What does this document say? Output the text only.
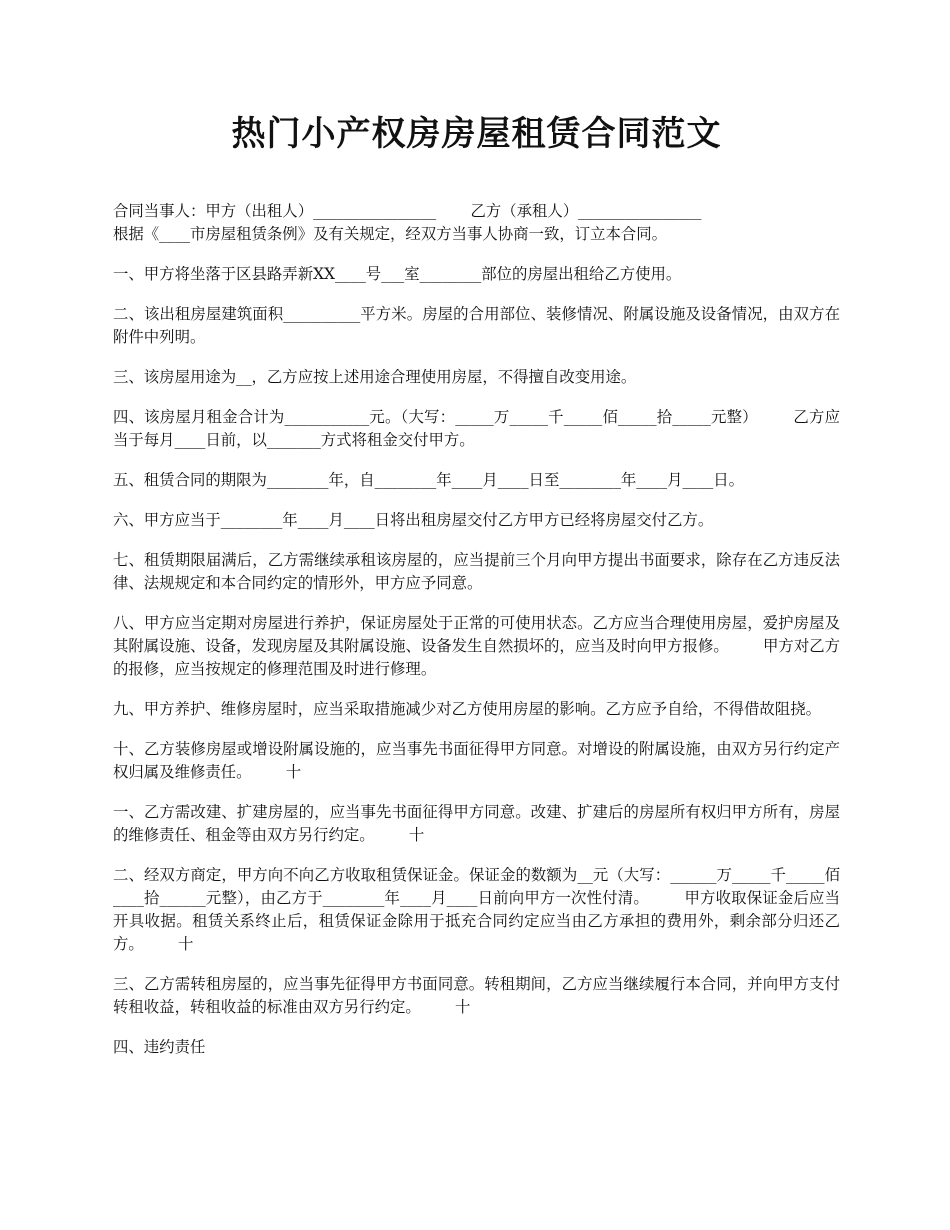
热门小产权房房屋租赁合同范文

合同当事人：甲方（出租人）________________       乙方（承租人）________________

根据《____市房屋租赁条例》及有关规定，经双方当事人协商一致，订立本合同。

一、甲方将坐落于区县路弄新XX____号___室________部位的房屋出租给乙方使用。

二、该出租房屋建筑面积__________平方米。房屋的合用部位、装修情况、附属设施及设备情况，由双方在附件中列明。

三、该房屋用途为__，乙方应按上述用途合理使用房屋，不得擅自改变用途。

四、该房屋月租金合计为___________元。（大写：_____万_____千_____佰_____拾_____元整）       乙方应当于每月____日前，以_______方式将租金交付甲方。

五、租赁合同的期限为________年，自________年____月____日至________年____月____日。

六、甲方应当于________年____月____日将出租房屋交付乙方甲方已经将房屋交付乙方。

七、租赁期限届满后，乙方需继续承租该房屋的，应当提前三个月向甲方提出书面要求，除存在乙方违反法律、法规规定和本合同约定的情形外，甲方应予同意。

八、甲方应当定期对房屋进行养护，保证房屋处于正常的可使用状态。乙方应当合理使用房屋，爱护房屋及其附属设施、设备，发现房屋及其附属设施、设备发生自然损坏的，应当及时向甲方报修。       甲方对乙方的报修，应当按规定的修理范围及时进行修理。

九、甲方养护、维修房屋时，应当采取措施减少对乙方使用房屋的影响。乙方应予自给，不得借故阻挠。

十、乙方装修房屋或增设附属设施的，应当事先书面征得甲方同意。对增设的附属设施，由双方另行约定产权归属及维修责任。       十

一、乙方需改建、扩建房屋的，应当事先书面征得甲方同意。改建、扩建后的房屋所有权归甲方所有，房屋的维修责任、租金等由双方另行约定。       十

二、经双方商定，甲方向不向乙方收取租赁保证金。保证金的数额为__元（大写：______万_____千_____佰____拾______元整），由乙方于________年____月____日前向甲方一次性付清。       甲方收取保证金后应当开具收据。租赁关系终止后，租赁保证金除用于抵充合同约定应当由乙方承担的费用外，剩余部分归还乙方。       十

三、乙方需转租房屋的，应当事先征得甲方书面同意。转租期间，乙方应当继续履行本合同，并向甲方支付转租收益，转租收益的标准由双方另行约定。       十

四、违约责任
